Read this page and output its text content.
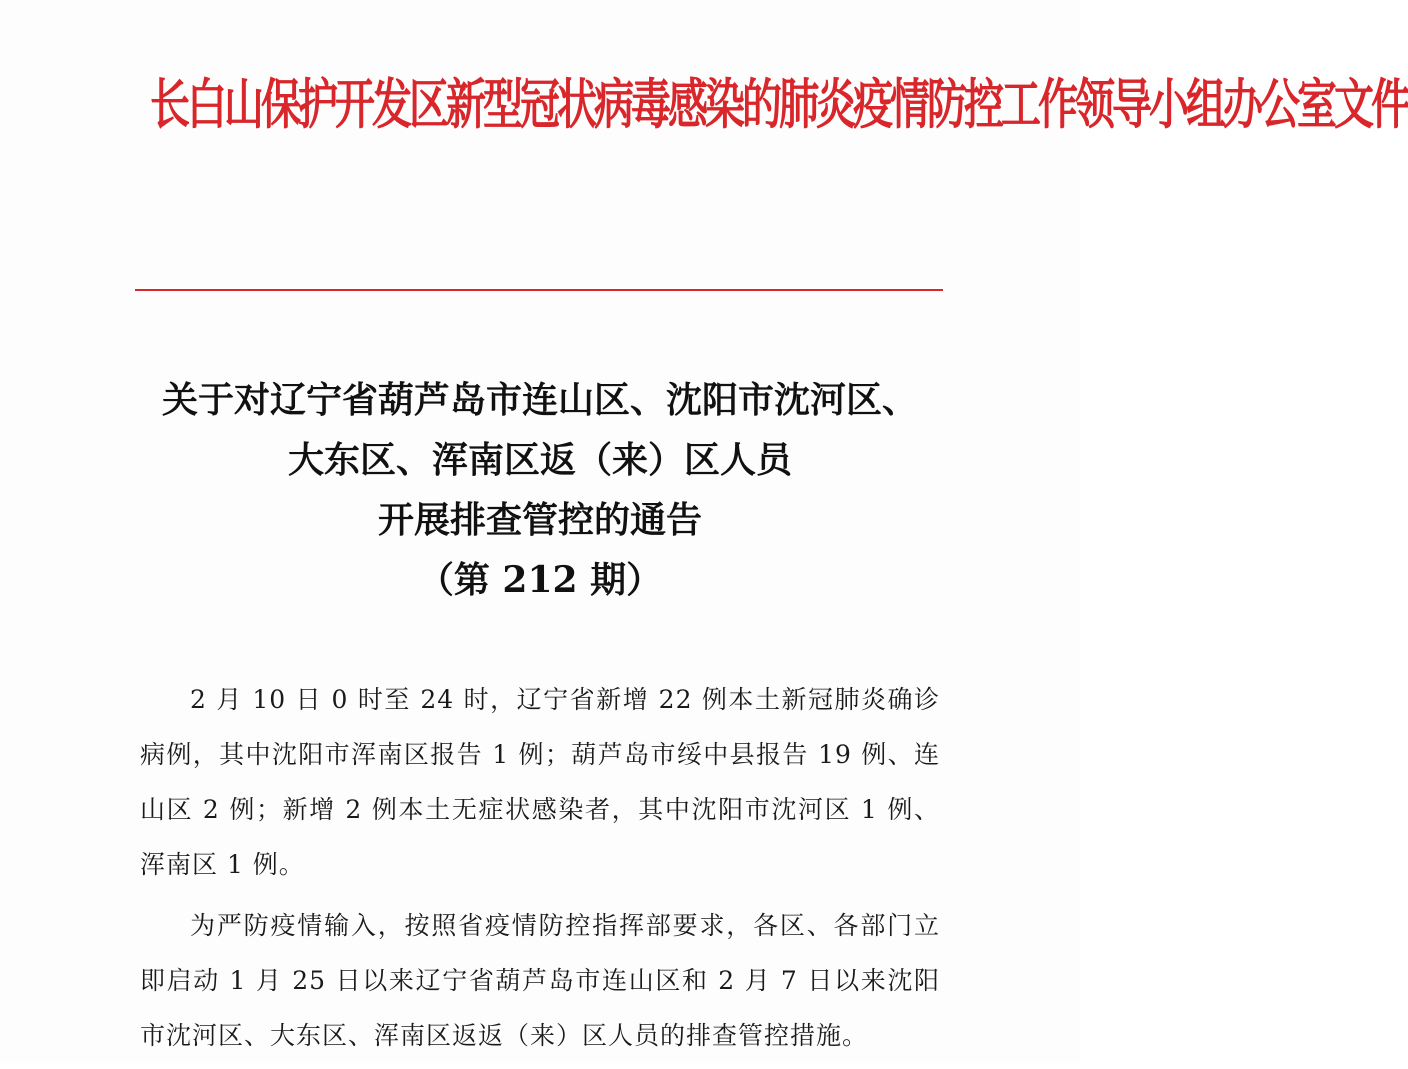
长白山保护开发区新型冠状病毒感染的肺炎疫情防控工作领导小组办公室文件
关于对辽宁省葫芦岛市连山区、沈阳市沈河区、
大东区、浑南区返（来）区人员
开展排查管控的通告
（第 212 期）

2 月 10 日 0 时至 24 时，辽宁省新增 22 例本土新冠肺炎确诊病例，其中沈阳市浑南区报告 1 例；葫芦岛市绥中县报告 19 例、连山区 2 例；新增 2 例本土无症状感染者，其中沈阳市沈河区 1 例、浑南区 1 例。

为严防疫情输入，按照省疫情防控指挥部要求，各区、各部门立即启动 1 月 25 日以来辽宁省葫芦岛市连山区和 2 月 7 日以来沈阳市沈河区、大东区、浑南区返返（来）区人员的排查管控措施。
